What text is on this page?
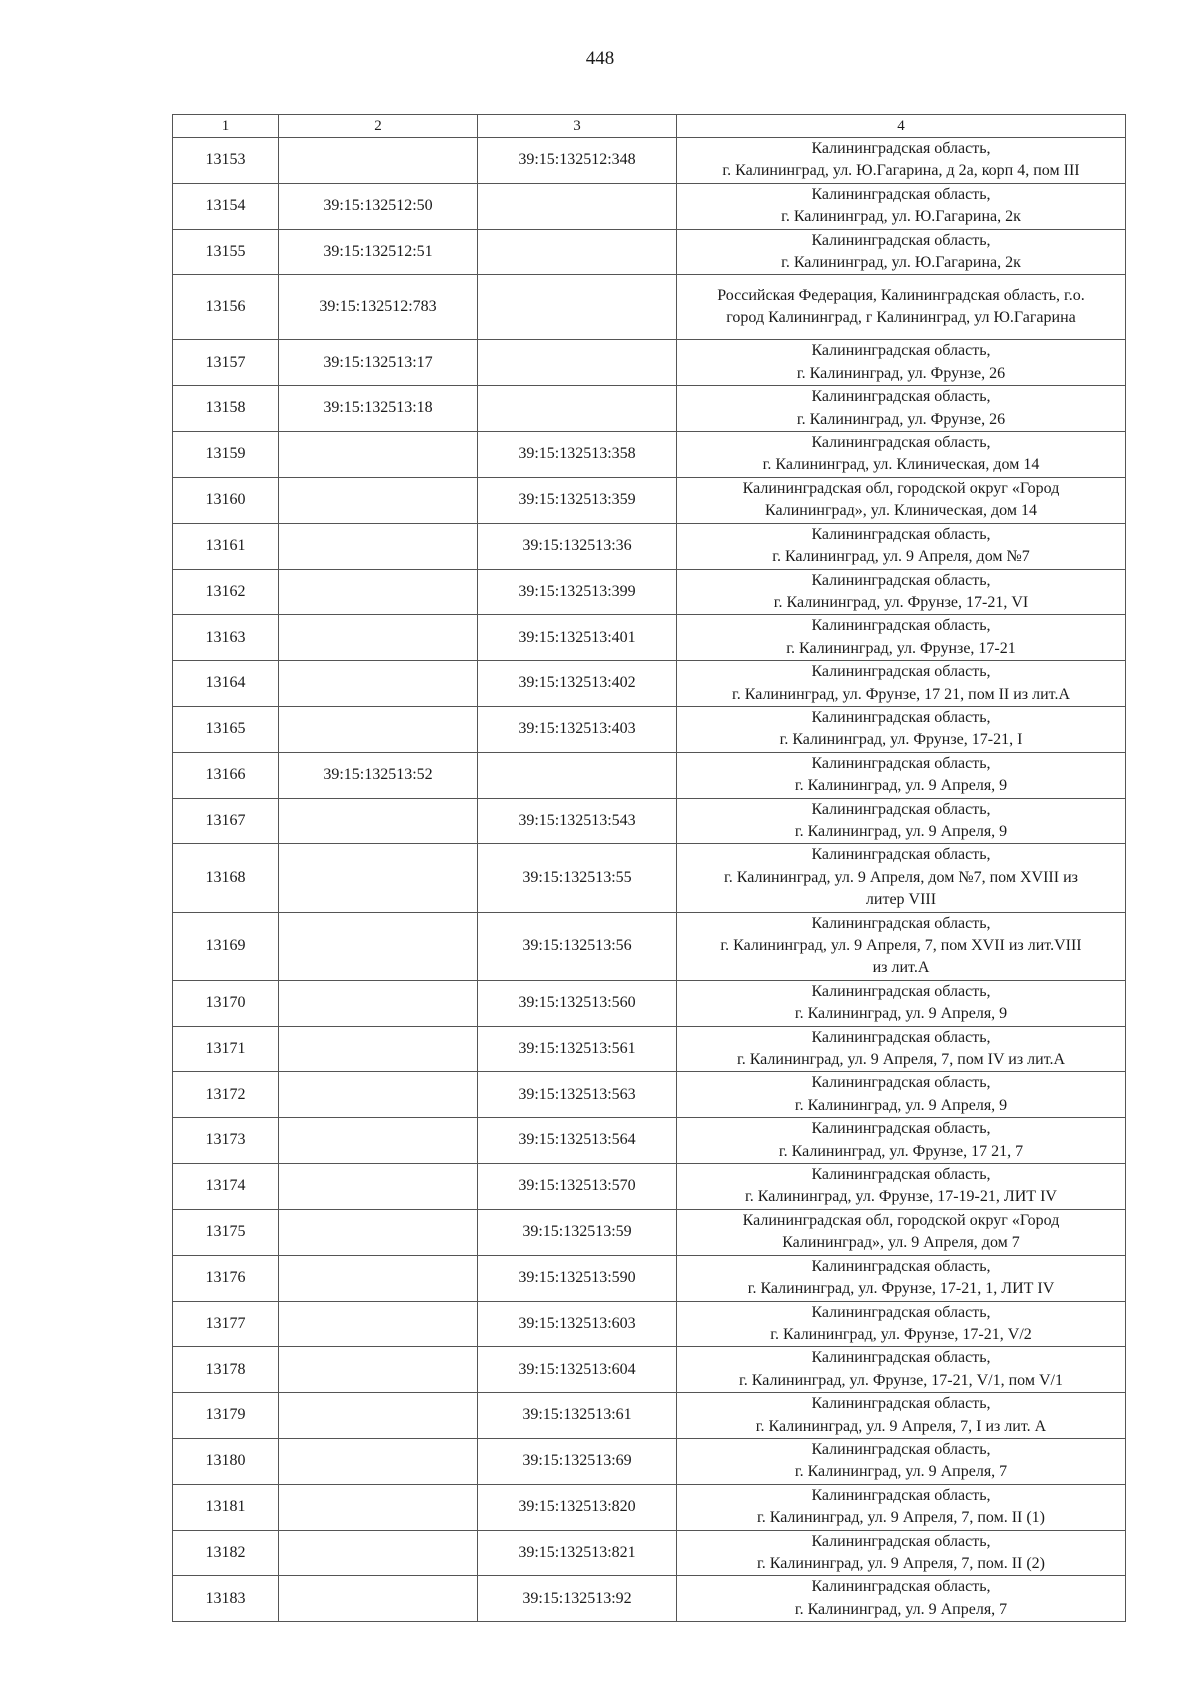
448
1	2	3	4
13153		39:15:132512:348	Калининградская область,
г. Калининград, ул. Ю.Гагарина, д 2а, корп 4, пом III

13154	39:15:132512:50		Калининградская область,
г. Калининград, ул. Ю.Гагарина, 2к

13155	39:15:132512:51		Калининградская область,
г. Калининград, ул. Ю.Гагарина, 2к

13156	39:15:132512:783		Российская Федерация, Калининградская область, г.о.
город Калининград, г Калининград, ул Ю.Гагарина

13157	39:15:132513:17		Калининградская область,
г. Калининград, ул. Фрунзе, 26

13158	39:15:132513:18		Калининградская область,
г. Калининград, ул. Фрунзе, 26

13159		39:15:132513:358	Калининградская область,
г. Калининград, ул. Клиническая, дом 14

13160		39:15:132513:359	Калининградская обл, городской округ «Город
Калининград», ул. Клиническая, дом 14

13161		39:15:132513:36	Калининградская область,
г. Калининград, ул. 9 Апреля, дом №7

13162		39:15:132513:399	Калининградская область,
г. Калининград, ул. Фрунзе, 17-21, VI

13163		39:15:132513:401	Калининградская область,
г. Калининград, ул. Фрунзе, 17-21

13164		39:15:132513:402	Калининградская область,
г. Калининград, ул. Фрунзе, 17 21, пом II из лит.А

13165		39:15:132513:403	Калининградская область,
г. Калининград, ул. Фрунзе, 17-21, I

13166	39:15:132513:52		Калининградская область,
г. Калининград, ул. 9 Апреля, 9

13167		39:15:132513:543	Калининградская область,
г. Калининград, ул. 9 Апреля, 9

13168		39:15:132513:55	Калининградская область,
г. Калининград, ул. 9 Апреля, дом №7, пом XVIII из
литер VIII

13169		39:15:132513:56	Калининградская область,
г. Калининград, ул. 9 Апреля, 7, пом XVII из лит.VIII
из лит.А

13170		39:15:132513:560	Калининградская область,
г. Калининград, ул. 9 Апреля, 9

13171		39:15:132513:561	Калининградская область,
г. Калининград, ул. 9 Апреля, 7, пом IV из лит.А

13172		39:15:132513:563	Калининградская область,
г. Калининград, ул. 9 Апреля, 9

13173		39:15:132513:564	Калининградская область,
г. Калининград, ул. Фрунзе, 17 21, 7

13174		39:15:132513:570	Калининградская область,
г. Калининград, ул. Фрунзе, 17-19-21, ЛИТ IV

13175		39:15:132513:59	Калининградская обл, городской округ «Город
Калининград», ул. 9 Апреля, дом 7

13176		39:15:132513:590	Калининградская область,
г. Калининград, ул. Фрунзе, 17-21, 1, ЛИТ IV

13177		39:15:132513:603	Калининградская область,
г. Калининград, ул. Фрунзе, 17-21, V/2

13178		39:15:132513:604	Калининградская область,
г. Калининград, ул. Фрунзе, 17-21, V/1, пом V/1

13179		39:15:132513:61	Калининградская область,
г. Калининград, ул. 9 Апреля, 7, I из лит. А

13180		39:15:132513:69	Калининградская область,
г. Калининград, ул. 9 Апреля, 7

13181		39:15:132513:820	Калининградская область,
г. Калининград, ул. 9 Апреля, 7, пом. II (1)

13182		39:15:132513:821	Калининградская область,
г. Калининград, ул. 9 Апреля, 7, пом. II (2)

13183		39:15:132513:92	Калининградская область,
г. Калининград, ул. 9 Апреля, 7
